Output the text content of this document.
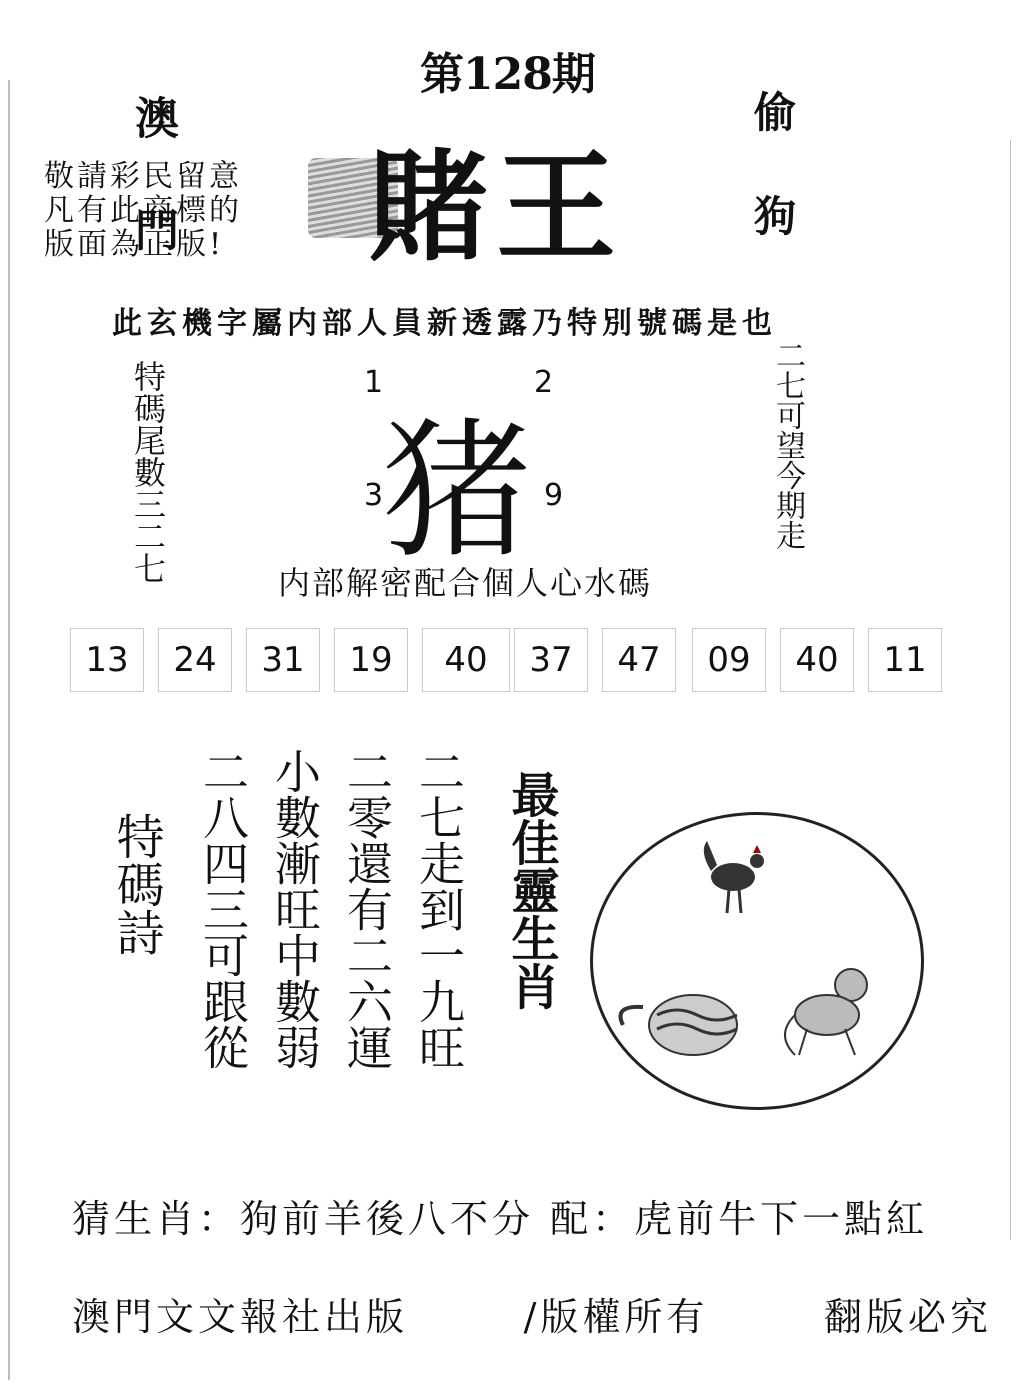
第128期
澳門	偷狗
敬請彩民留意
凡有此商標的
版面為正版! 賭王
此玄機字屬内部人員新透露乃特別號碼是也
特碼尾數三二七	二七可望今期走
猪
1	2
3	9
内部解密配合個人心水碼
13	24	31	19	40	37	47	09	40	11
特碼詩 二八四三可跟從 小數漸旺中數弱 二零還有二六運 二七走到一九旺 最佳靈生肖
猜生肖：狗前羊後八不分 配：虎前牛下一點紅
澳門文文報社出版	/版權所有	翻版必究
